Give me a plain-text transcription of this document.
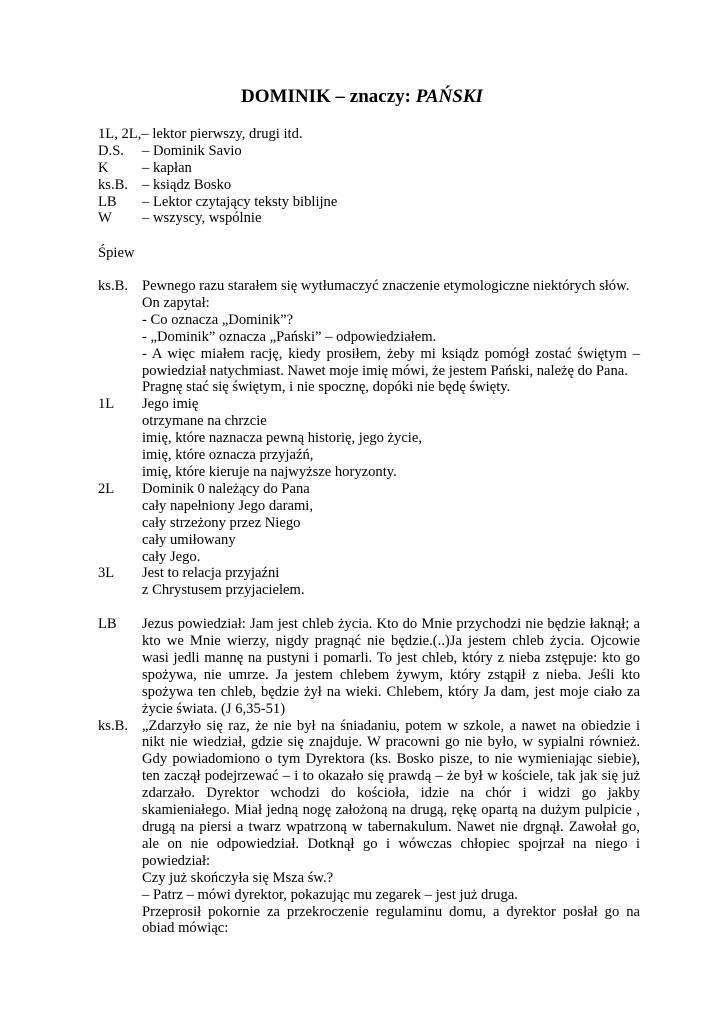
DOMINIK – znaczy: PAŃSKI
1L, 2L, – lektor pierwszy, drugi itd.
D.S.	– Dominik Savio
K	– kapłan
ks.B. – ksiądz Bosko
LB	– Lektor czytający teksty biblijne
W	– wszyscy, wspólnie
Śpiew
ks.B. Pewnego razu starałem się wytłumaczyć znaczenie etymologiczne niektórych słów.

On zapytał:

- Co oznacza „Dominik”?

- „Dominik” oznacza „Pański” – odpowiedziałem.

- A więc miałem rację, kiedy prosiłem, żeby mi ksiądz pomógł zostać świętym –

powiedział natychmiast. Nawet moje imię mówi, że jestem Pański, należę do Pana.

Pragnę stać się świętym, i nie spocznę, dopóki nie będę święty.

1L	Jego imię

otrzymane na chrzcie

imię, które naznacza pewną historię, jego życie,

imię, które oznacza przyjaźń,

imię, które kieruje na najwyższe horyzonty.

2L	Dominik 0 należący do Pana

cały napełniony Jego darami,

cały strzeżony przez Niego

cały umiłowany

cały Jego.

3L	Jest to relacja przyjaźni

z Chrystusem przyjacielem.

LB	Jezus powiedział: Jam jest chleb życia. Kto do Mnie przychodzi nie będzie łaknął; a

kto we Mnie wierzy, nigdy pragnąć nie będzie.(..)Ja jestem chleb życia. Ojcowie

wasi jedli mannę na pustyni i pomarli. To jest chleb, który z nieba zstępuje: kto go

spożywa, nie umrze. Ja jestem chlebem żywym, który zstąpił z nieba. Jeśli kto

spożywa ten chleb, będzie żył na wieki. Chlebem, który Ja dam, jest moje ciało za

życie świata. (J 6,35-51)

ks.B. „Zdarzyło się raz, że nie był na śniadaniu, potem w szkole, a nawet na obiedzie i

nikt nie wiedział, gdzie się znajduje. W pracowni go nie było, w sypialni również.

Gdy powiadomiono o tym Dyrektora (ks. Bosko pisze, to nie wymieniając siebie),

ten zaczął podejrzewać – i to okazało się prawdą – że był w kościele, tak jak się już

zdarzało. Dyrektor wchodzi do kościoła, idzie na chór i widzi go jakby

skamieniałego. Miał jedną nogę założoną na drugą, rękę opartą na dużym pulpicie ,

drugą na piersi a twarz wpatrzoną w tabernakulum. Nawet nie drgnął. Zawołał go,

ale on nie odpowiedział. Dotknął go i wówczas chłopiec spojrzał na niego i

powiedział:

Czy już skończyła się Msza św.?

– Patrz – mówi dyrektor, pokazując mu zegarek – jest już druga.

Przeprosił pokornie za przekroczenie regulaminu domu, a dyrektor posłał go na

obiad mówiąc:
